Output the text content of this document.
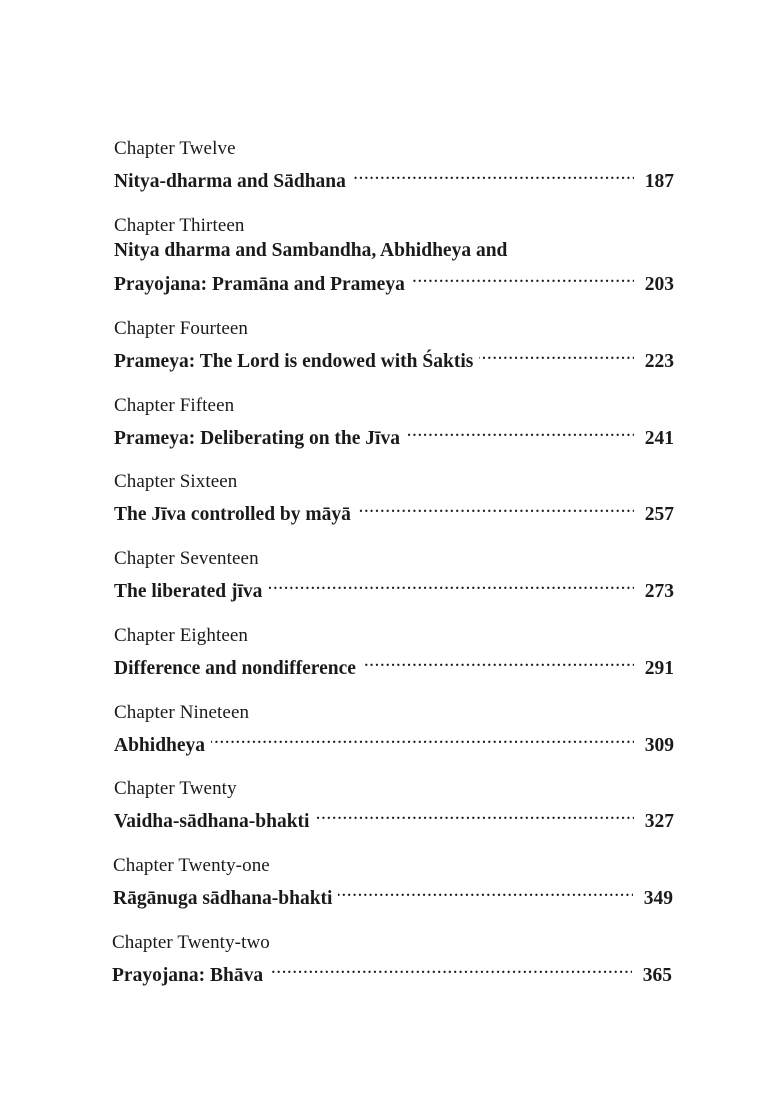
Chapter Twelve
Nitya-dharma and Sādhana . . .	187
Chapter Thirteen
Nitya dharma and Sambandha, Abhidheya and
Prayojana: Pramāna and Prameya . . .	203
Chapter Fourteen
Prameya: The Lord is endowed with Śaktis . . .	223
Chapter Fifteen
Prameya: Deliberating on the Jīva . . .	241
Chapter Sixteen
The Jīva controlled by māyā . . .	257
Chapter Seventeen
The liberated jīva . . .	273
Chapter Eighteen
Difference and nondifference . . .	291
Chapter Nineteen
Abhidheya . . .	309
Chapter Twenty
Vaidha-sādhana-bhakti . . .	327
Chapter Twenty-one
Rāgānuga sādhana-bhakti . . .	349
Chapter Twenty-two
Prayojana: Bhāva . . .	365
